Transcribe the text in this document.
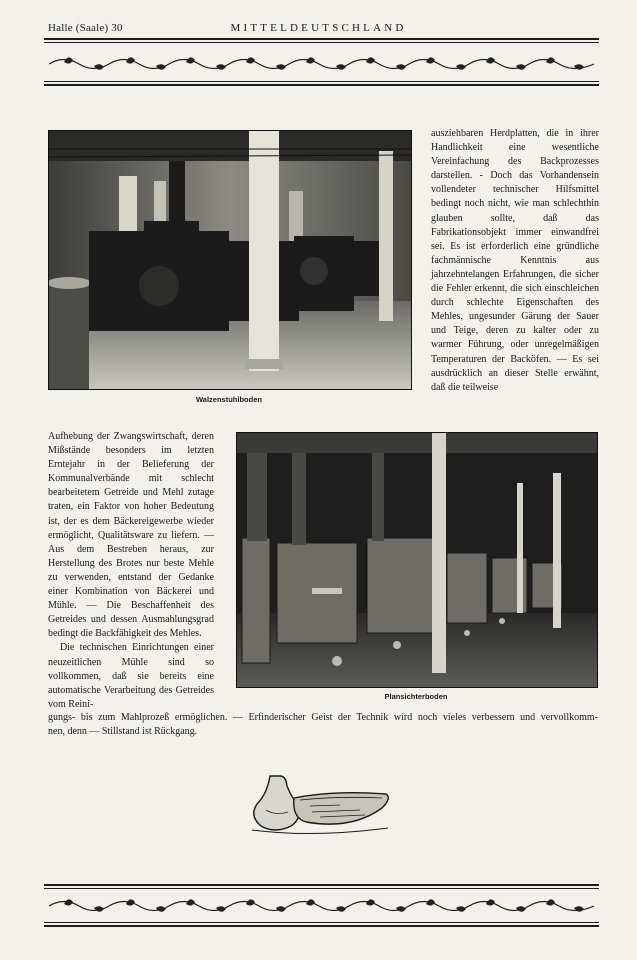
Halle (Saale) 30	MITTELDEUTSCHLAND
Walzenstuhlboden

ausziehbaren Herdplatten, die in ihrer Handlichkeit eine wesentliche Vereinfachung des Backprozesses darstellen. - Doch das Vorhandensein vollendeter technischer Hilfsmittel bedingt noch nicht, wie man schlechthin glauben sollte, daß das Fabrikationsobjekt immer einwandfrei sei. Es ist erforderlich eine gründliche fachmännische Kenntnis aus jahrzehntelangen Erfahrungen, die sicher die Fehler erkennt, die sich einschleichen durch schlechte Eigenschaften des Mehles, ungesunder Gärung der Sauer und Teige, deren zu kalter oder zu warmer Führung, oder unregelmäßigen Temperaturen der Backöfen. — Es sei ausdrücklich an dieser Stelle erwähnt, daß die teilweise

Plansichterboden

Aufhebung der Zwangswirtschaft, deren Mißstände besonders im letzten Erntejahr in der Belieferung der Kommunalverbände mit schlecht bearbeitetem Getreide und Mehl zutage traten, ein Faktor von hoher Bedeutung ist, der es dem Bäckereigewerbe wieder ermöglicht, Qualitätsware zu liefern. — Aus dem Bestreben heraus, zur Herstellung des Brotes nur beste Mehle zu verwenden, entstand der Gedanke einer Kombination von Bäckerei und Mühle. — Die Beschaffenheit des Getreides und dessen Ausmahlungsgrad bedingt die Backfähigkeit des Mehles.

Die technischen Einrichtungen einer neuzeitlichen Mühle sind so vollkommen, daß sie bereits eine automatische Verarbeitung des Getreides vom Reini-

gungs- bis zum Mahlprozeß ermöglichen. — Erfinderischer Geist der Technik wird noch vieles verbessern und vervollkomm-
nen, denn — Stillstand ist Rückgang.
